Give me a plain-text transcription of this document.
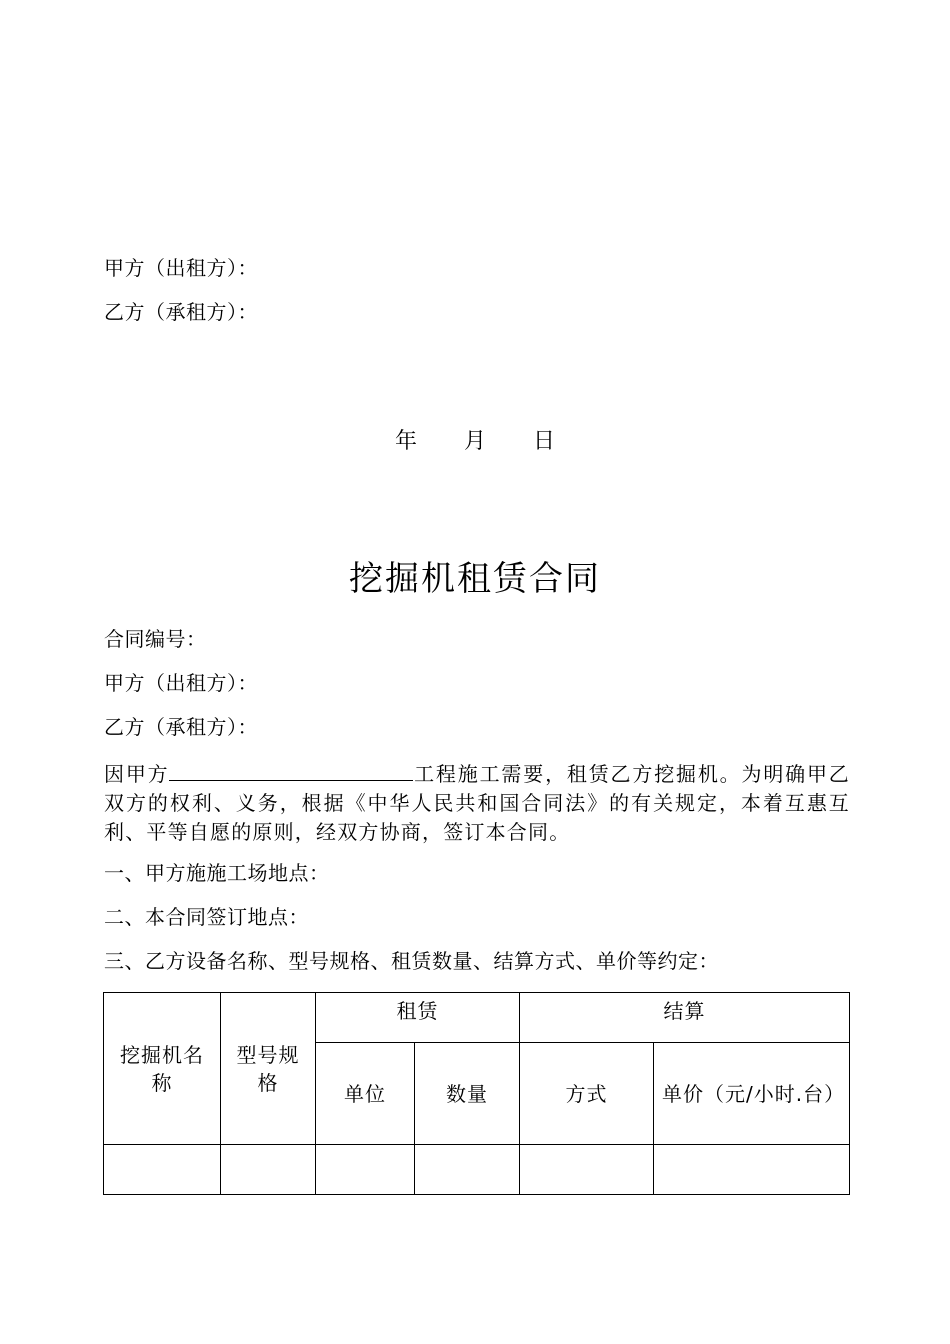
甲方（出租方）：
乙方（承租方）：
年 月 日
挖掘机租赁合同
合同编号：
甲方（出租方）：
乙方（承租方）：
因甲方	工程施工需要，租赁乙方挖掘机。为明确甲乙双方的权利、义务，根据《中华人民共和国合同法》的有关规定，本着互惠互利、平等自愿的原则，经双方协商，签订本合同。
一、甲方施施工场地点：
二、本合同签订地点：
三、乙方设备名称、型号规格、租赁数量、结算方式、单价等约定：
挖掘机名称	型号规格	租赁		结算	
		单位	数量	方式	单价（元/小时.台）
